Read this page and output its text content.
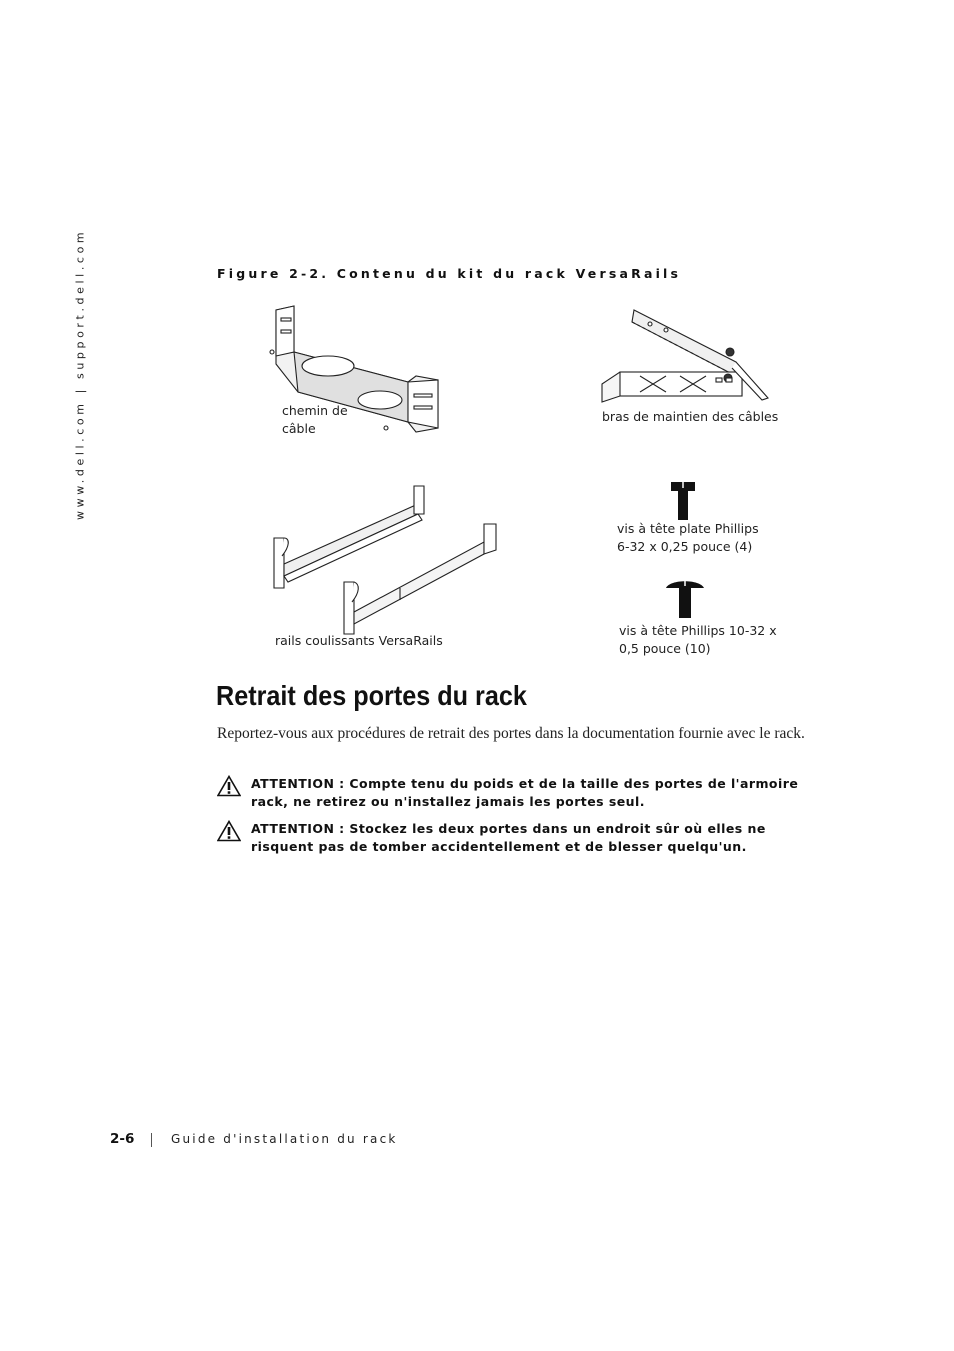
www.dell.com | support.dell.com	Figure 2-2. Contenu du kit du rack VersaRails
chemin de
câble
bras de maintien des câbles
rails coulissants VersaRails
vis à tête plate Phillips
6-32 x 0,25 pouce (4)
vis à tête Phillips 10-32 x
0,5 pouce (10)
Retrait des portes du rack

Reportez-vous aux procédures de retrait des portes dans la documentation fournie avec le rack.

ATTENTION : Compte tenu du poids et de la taille des portes de l'armoire rack, ne retirez ou n'installez jamais les portes seul.
ATTENTION : Stockez les deux portes dans un endroit sûr où elles ne risquent pas de tomber accidentellement et de blesser quelqu'un.
2-6	Guide d'installation du rack
